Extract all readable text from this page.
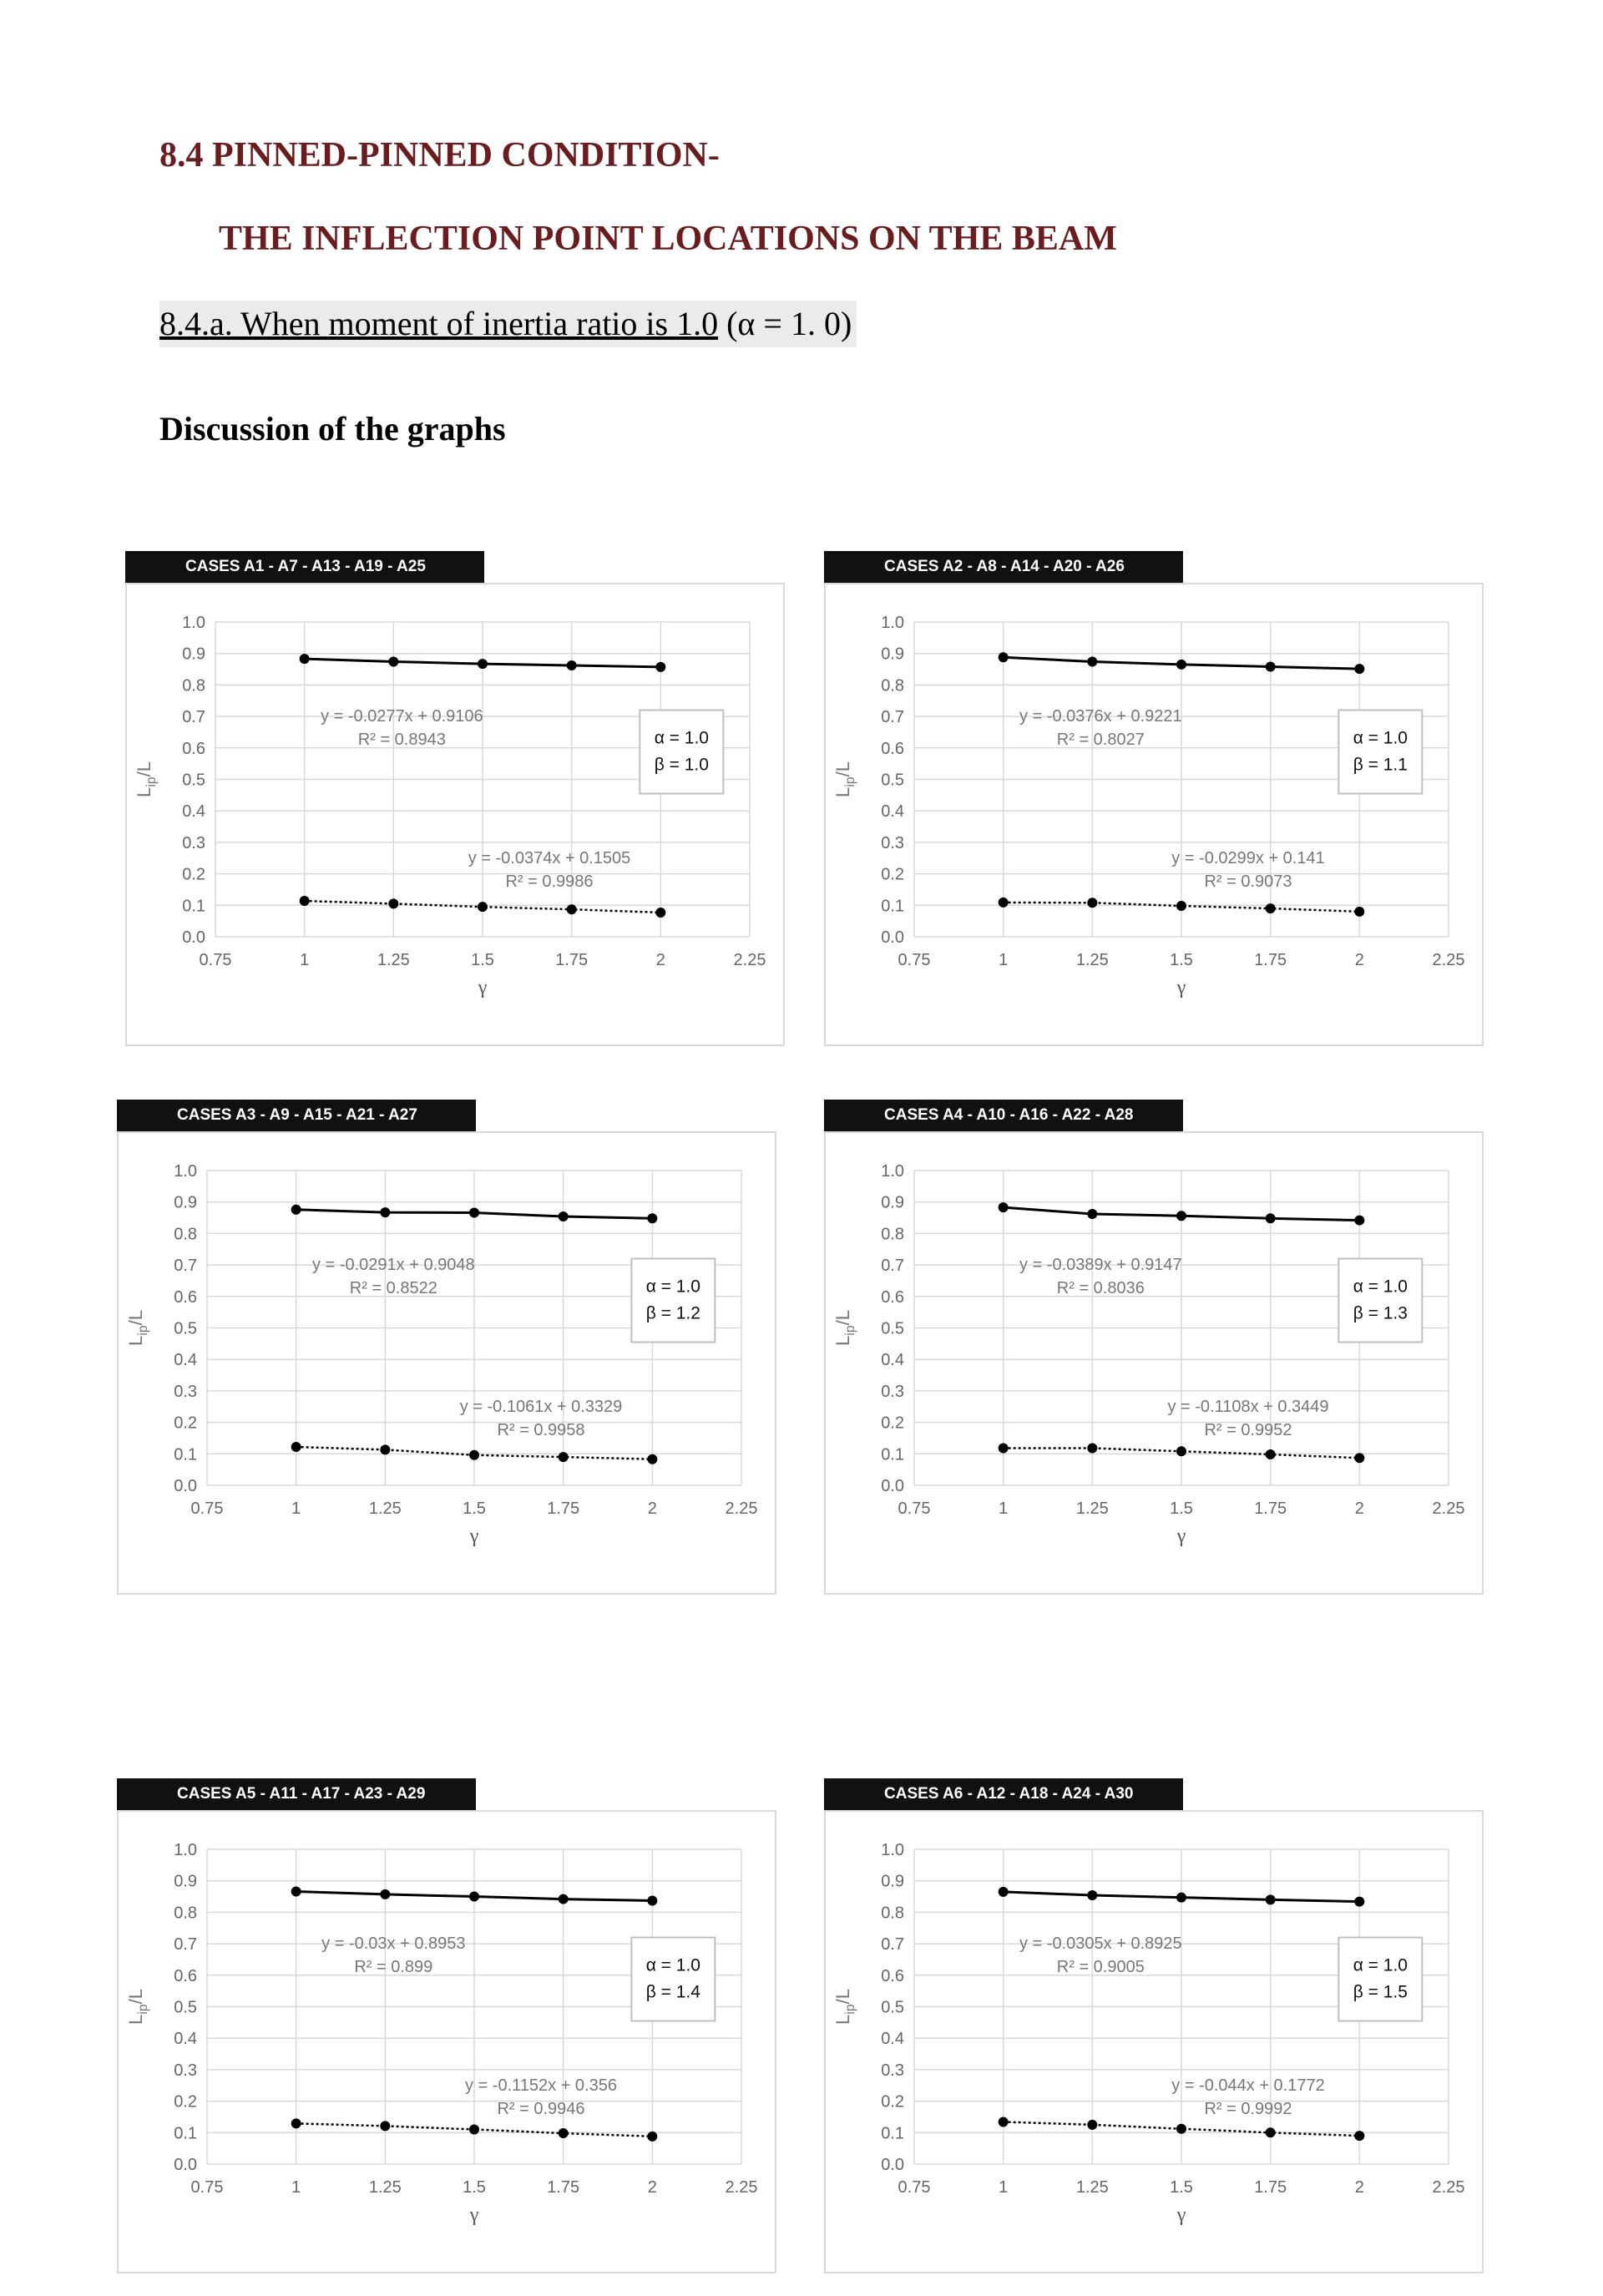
8.4 PINNED-PINNED CONDITION-
THE INFLECTION POINT LOCATIONS ON THE BEAM
8.4.a. When moment of inertia ratio is 1.0 (α = 1. 0)
Discussion of the graphs
CASES A1 - A7 - A13 - A19 - A25
0.0
0.1
0.2
0.3
0.4
0.5
0.6
0.7
0.8
0.9
1.0
0.75	1	1.25	1.5	1.75	2	2.25
γ
$L_{ip}/L$
y = -0.0277x + 0.9106
R² = 0.8943
y = -0.0374x + 0.1505
R² = 0.9986
α = 1.0
β = 1.0
CASES A2 - A8 - A14 - A20 - A26
0.0
0.1
0.2
0.3
0.4
0.5
0.6
0.7
0.8
0.9
1.0
0.75	1	1.25	1.5	1.75	2	2.25
γ
$L_{ip}/L$
y = -0.0376x + 0.9221
R² = 0.8027
y = -0.0299x + 0.141
R² = 0.9073
α = 1.0
β = 1.1
CASES A3 - A9 - A15 - A21 - A27
0.0
0.1
0.2
0.3
0.4
0.5
0.6
0.7
0.8
0.9
1.0
0.75	1	1.25	1.5	1.75	2	2.25
γ
$L_{ip}/L$
y = -0.0291x + 0.9048
R² = 0.8522
y = -0.1061x + 0.3329
R² = 0.9958
α = 1.0
β = 1.2
CASES A4 - A10 - A16 - A22 - A28
0.0
0.1
0.2
0.3
0.4
0.5
0.6
0.7
0.8
0.9
1.0
0.75	1	1.25	1.5	1.75	2	2.25
γ
$L_{ip}/L$
y = -0.0389x + 0.9147
R² = 0.8036
y = -0.1108x + 0.3449
R² = 0.9952
α = 1.0
β = 1.3
CASES A5 - A11 - A17 - A23 - A29
0.0
0.1
0.2
0.3
0.4
0.5
0.6
0.7
0.8
0.9
1.0
0.75	1	1.25	1.5	1.75	2	2.25
γ
$L_{ip}/L$
y = -0.03x + 0.8953
R² = 0.899
y = -0.1152x + 0.356
R² = 0.9946
α = 1.0
β = 1.4
CASES A6 - A12 - A18 - A24 - A30
0.0
0.1
0.2
0.3
0.4
0.5
0.6
0.7
0.8
0.9
1.0
0.75	1	1.25	1.5	1.75	2	2.25
γ
$L_{ip}/L$
y = -0.0305x + 0.8925
R² = 0.9005
y = -0.044x + 0.1772
R² = 0.9992
α = 1.0
β = 1.5
